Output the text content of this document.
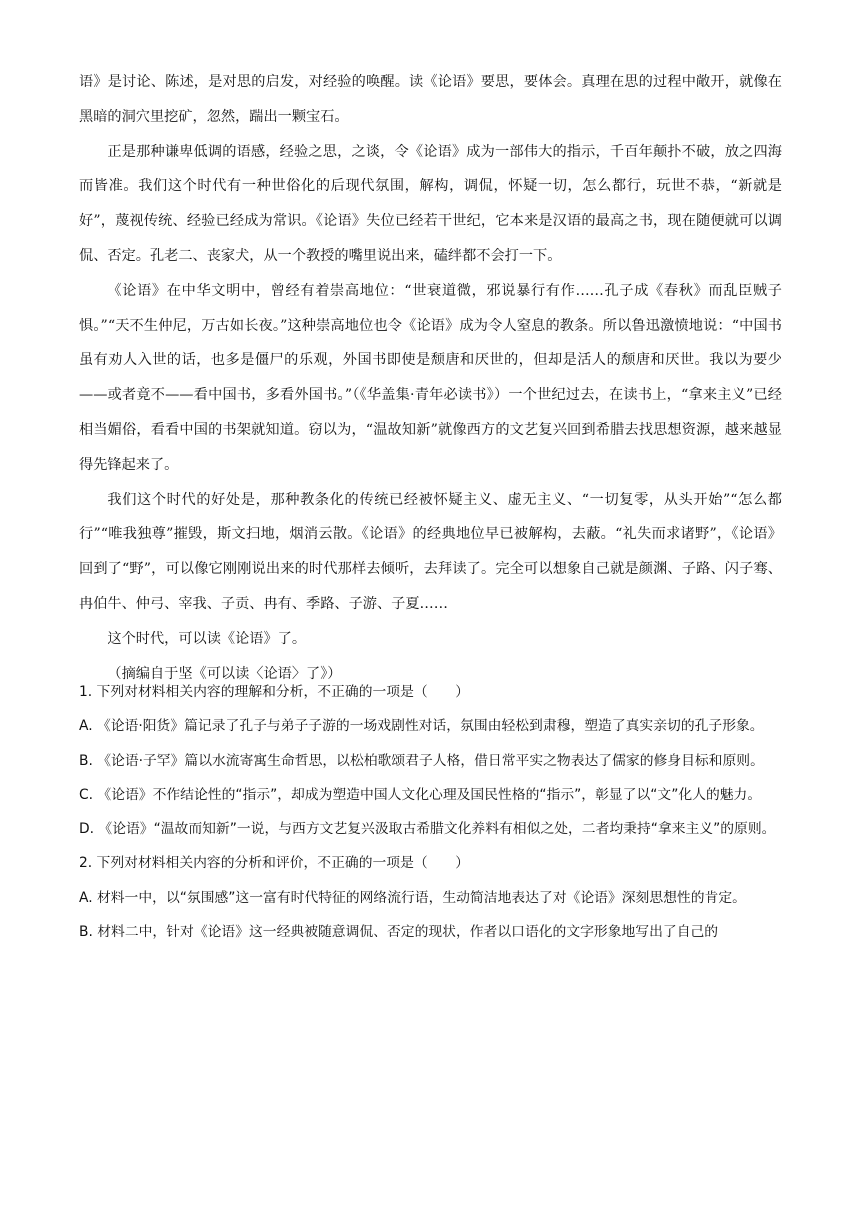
语》是讨论、陈述，是对思的启发，对经验的唤醒。读《论语》要思，要体会。真理在思的过程中敞开，就像在黑暗的洞穴里挖矿，忽然，踹出一颗宝石。

正是那种谦卑低调的语感，经验之思，之谈，令《论语》成为一部伟大的指示，千百年颠扑不破，放之四海而皆准。我们这个时代有一种世俗化的后现代氛围，解构，调侃，怀疑一切，怎么都行，玩世不恭，“新就是好”，蔑视传统、经验已经成为常识。《论语》失位已经若干世纪，它本来是汉语的最高之书，现在随便就可以调侃、否定。孔老二、丧家犬，从一个教授的嘴里说出来，磕绊都不会打一下。

《论语》在中华文明中，曾经有着崇高地位：“世衰道微，邪说暴行有作……孔子成《春秋》而乱臣贼子惧。”“天不生仲尼，万古如长夜。”这种崇高地位也令《论语》成为令人窒息的教条。所以鲁迅激愤地说：“中国书虽有劝人入世的话，也多是僵尸的乐观，外国书即使是颓唐和厌世的，但却是活人的颓唐和厌世。我以为要少——或者竟不——看中国书，多看外国书。”（《华盖集·青年必读书》）一个世纪过去，在读书上，“拿来主义”已经相当媚俗，看看中国的书架就知道。窃以为，“温故知新”就像西方的文艺复兴回到希腊去找思想资源，越来越显得先锋起来了。

我们这个时代的好处是，那种教条化的传统已经被怀疑主义、虚无主义、“一切复零，从头开始”“怎么都行”“唯我独尊”摧毁，斯文扫地，烟消云散。《论语》的经典地位早已被解构，去蔽。“礼失而求诸野”，《论语》回到了“野”，可以像它刚刚说出来的时代那样去倾听，去拜读了。完全可以想象自己就是颜渊、子路、闪子骞、冉伯牛、仲弓、宰我、子贡、冉有、季路、子游、子夏……

这个时代，可以读《论语》了。

（摘编自于坚《可以读〈论语〉了》）

1. 下列对材料相关内容的理解和分析，不正确的一项是（　　）

A. 《论语·阳货》篇记录了孔子与弟子子游的一场戏剧性对话，氛围由轻松到肃穆，塑造了真实亲切的孔子形象。

B. 《论语·子罕》篇以水流寄寓生命哲思，以松柏歌颂君子人格，借日常平实之物表达了儒家的修身目标和原则。

C. 《论语》不作结论性的“指示”，却成为塑造中国人文化心理及国民性格的“指示”，彰显了以“文”化人的魅力。

D. 《论语》“温故而知新”一说，与西方文艺复兴汲取古希腊文化养料有相似之处，二者均秉持“拿来主义”的原则。

2. 下列对材料相关内容的分析和评价，不正确的一项是（　　）

A. 材料一中，以“氛围感”这一富有时代特征的网络流行语，生动简洁地表达了对《论语》深刻思想性的肯定。

B. 材料二中，针对《论语》这一经典被随意调侃、否定的现状，作者以口语化的文字形象地写出了自己的
